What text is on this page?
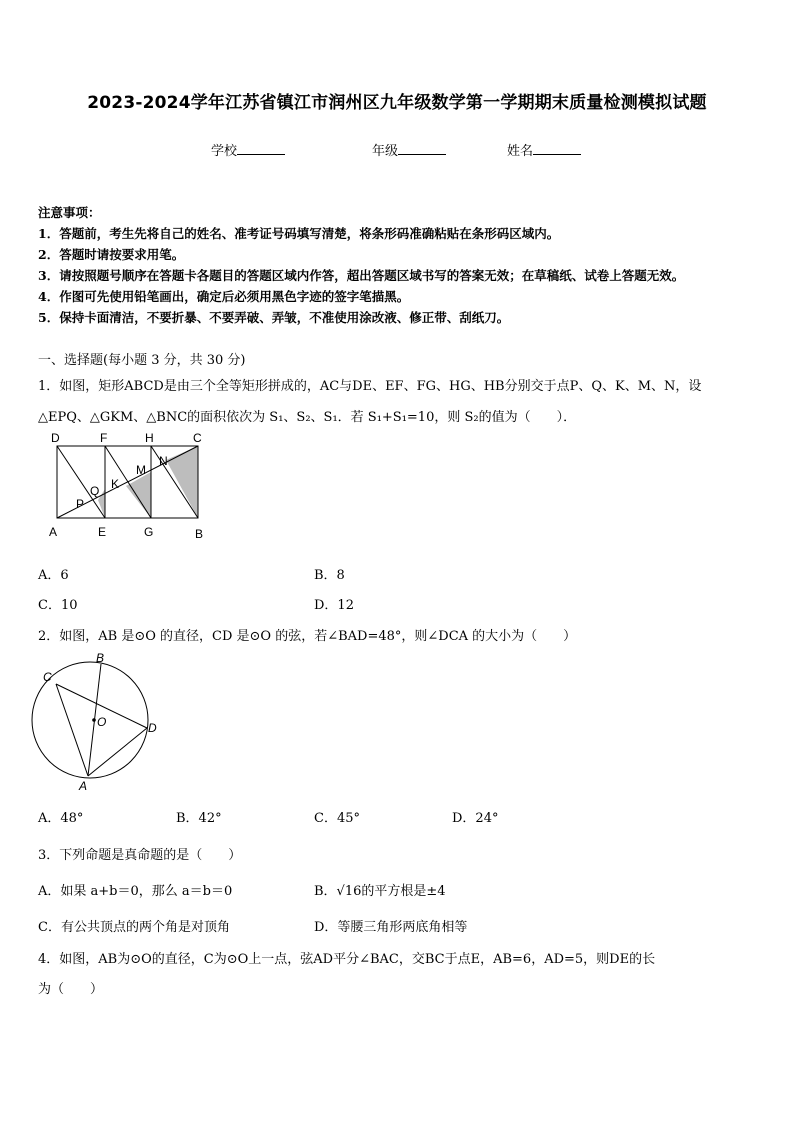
2023-2024学年江苏省镇江市润州区九年级数学第一学期期末质量检测模拟试题
学校	年级	姓名
注意事项：
1．答题前，考生先将自己的姓名、准考证号码填写清楚，将条形码准确粘贴在条形码区域内。
2．答题时请按要求用笔。
3．请按照题号顺序在答题卡各题目的答题区域内作答，超出答题区域书写的答案无效；在草稿纸、试卷上答题无效。
4．作图可先使用铅笔画出，确定后必须用黑色字迹的签字笔描黑。
5．保持卡面清洁，不要折暴、不要弄破、弄皱，不准使用涂改液、修正带、刮纸刀。
一、选择题(每小题 3 分，共 30 分)
1．如图，矩形ABCD是由三个全等矩形拼成的，AC与DE、EF、FG、HG、HB分别交于点P、Q、K、M、N，设
△EPQ、△GKM、△BNC的面积依次为 S₁、S₂、S₁．若 S₁+S₁=10，则 S₂的值为（　　）．
D	F	H	C
A	E	G	B
P
Q K
M
N
A．6	B．8
C．10	D．12
2．如图，AB 是⊙O 的直径，CD 是⊙O 的弦，若∠BAD=48°，则∠DCA 的大小为（　　）
B
C
O	D
A
A．48°	B．42°	C．45°	D．24°
3．下列命题是真命题的是（　　）
A．如果 a+b＝0，那么 a＝b＝0	B．√16的平方根是±4
C．有公共顶点的两个角是对顶角	D．等腰三角形两底角相等
4．如图，AB为⊙O的直径，C为⊙O上一点，弦AD平分∠BAC，交BC于点E，AB=6，AD=5，则DE的长
为（　　）
